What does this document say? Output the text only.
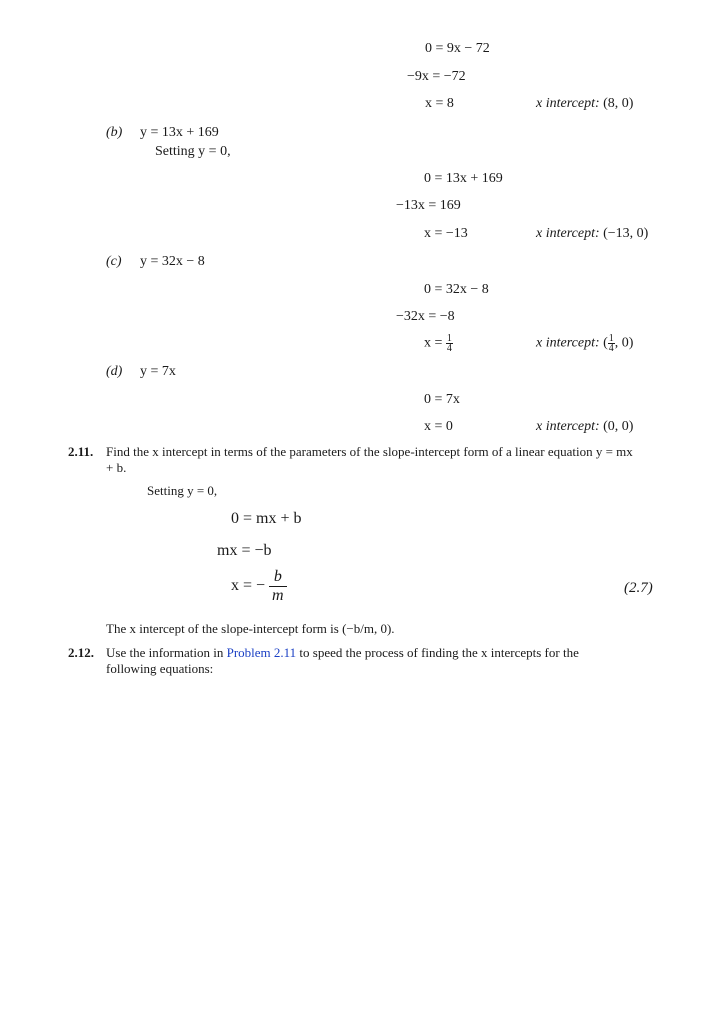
0 = 9x − 72
−9x = −72
x = 8	x intercept: (8, 0)
(b) y = 13x + 169
Setting y = 0,
0 = 13x + 169
−13x = 169
x = −13	x intercept: (−13, 0)
(c) y = 32x − 8
0 = 32x − 8
−32x = −8
$x = \frac{1}{4}$	x intercept: ( $\frac{1}{4}$ , 0)
(d) y = 7x
0 = 7x
x = 0	x intercept: (0, 0)
2.11. Find the x intercept in terms of the parameters of the slope-intercept form of a linear equation y = mx
+ b.
Setting y = 0,
0 = mx + b
mx = −b
x = − $\frac{b}{m}$	(2.7)
The x intercept of the slope-intercept form is (−b/m, 0).
2.12. Use the information in Problem 2.11 to speed the process of finding the x intercepts for the
following equations:
